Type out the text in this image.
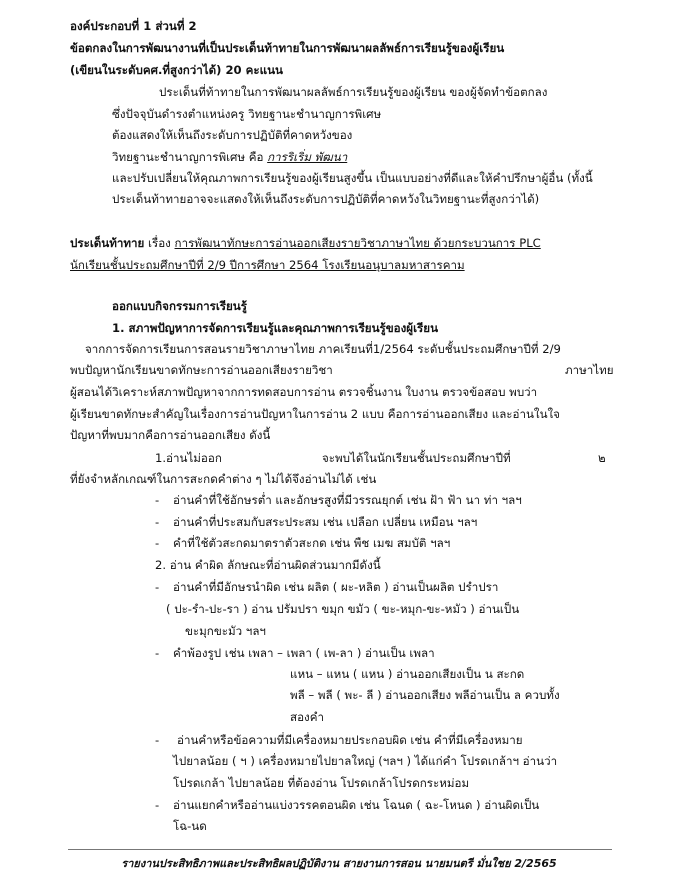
องค์ประกอบที่ 1 ส่วนที่ 2
ข้อตกลงในการพัฒนางานที่เป็นประเด็นท้าทายในการพัฒนาผลลัพธ์การเรียนรู้ของผู้เรียน
(เขียนในระดับคศ.ที่สูงกว่าได้) 20 คะแนน
ประเด็นที่ท้าทายในการพัฒนาผลลัพธ์การเรียนรู้ของผู้เรียน ของผู้จัดทำข้อตกลง
ซึ่งปัจจุบันดำรงตำแหน่งครู วิทยฐานะชำนาญการพิเศษ
ต้องแสดงให้เห็นถึงระดับการปฏิบัติที่คาดหวังของ
วิทยฐานะชำนาญการพิเศษ คือ การริเริ่ม พัฒนา
และปรับเปลี่ยนให้คุณภาพการเรียนรู้ของผู้เรียนสูงขึ้น เป็นแบบอย่างที่ดีและให้คำปรึกษาผู้อื่น (ทั้งนี้
ประเด็นท้าทายอาจจะแสดงให้เห็นถึงระดับการปฏิบัติที่คาดหวังในวิทยฐานะที่สูงกว่าได้)
ประเด็นท้าทาย เรื่อง การพัฒนาทักษะการอ่านออกเสียงรายวิชาภาษาไทย ด้วยกระบวนการ PLC
นักเรียนชั้นประถมศึกษาปีที่ 2/9 ปีการศึกษา 2564 โรงเรียนอนุบาลมหาสารคาม
ออกแบบกิจกรรมการเรียนรู้
1. สภาพปัญหาการจัดการเรียนรู้และคุณภาพการเรียนรู้ของผู้เรียน
จากการจัดการเรียนการสอนรายวิชาภาษาไทย ภาคเรียนที่1/2564 ระดับชั้นประถมศึกษาปีที่ 2/9
พบปัญหานักเรียนขาดทักษะการอ่านออกเสียงรายวิชา	ภาษาไทย
ผู้สอนได้วิเคราะห์สภาพปัญหาจากการทดสอบการอ่าน ตรวจชิ้นงาน ใบงาน ตรวจข้อสอบ พบว่า
ผู้เรียนขาดทักษะสำคัญในเรื่องการอ่านปัญหาในการอ่าน 2 แบบ คือการอ่านออกเสียง และอ่านในใจ
ปัญหาที่พบมากคือการอ่านออกเสียง ดังนี้
1.อ่านไม่ออก	จะพบได้ในนักเรียนชั้นประถมศึกษาปีที่	๒
ที่ยังจำหลักเกณฑ์ในการสะกดคำต่าง ๆ ไม่ได้จึงอ่านไม่ได้ เช่น
- อ่านคำที่ใช้อักษรต่ำ และอักษรสูงที่มีวรรณยุกต์ เช่น ฝ้า ฟ้า นา ท่า ฯลฯ
- อ่านคำที่ประสมกับสระประสม เช่น เปลือก เปลี่ยน เหมือน ฯลฯ
- คำที่ใช้ตัวสะกดมาตราตัวสะกด เช่น พืช เมฆ สมบัติ ฯลฯ
2. อ่าน คำผิด ลักษณะที่อ่านผิดส่วนมากมีดังนี้
- อ่านคำที่มีอักษรนำผิด เช่น ผลิต ( ผะ-หลิต ) อ่านเป็นผลิต ปรำปรา
( ปะ-รำ-ปะ-รา ) อ่าน ปรัมปรา ขมุก ขมัว ( ขะ-หมุก-ขะ-หมัว ) อ่านเป็น
ขะมุกขะมัว ฯลฯ
- คำพ้องรูป เช่น เพลา – เพลา ( เพ-ลา ) อ่านเป็น เพลา
แหน – แหน ( แหน ) อ่านออกเสียงเป็น น สะกด
พลี – พลี ( พะ- ลี ) อ่านออกเสียง พลีอ่านเป็น ล ควบทั้ง
สองคำ
- อ่านคำหรือข้อความที่มีเครื่องหมายประกอบผิด เช่น คำที่มีเครื่องหมาย
ไปยาลน้อย ( ฯ ) เครื่องหมายไปยาลใหญ่ (ฯลฯ ) ได้แก่คำ โปรดเกล้าฯ อ่านว่า
โปรดเกล้า ไปยาลน้อย ที่ต้องอ่าน โปรดเกล้าโปรดกระหม่อม
- อ่านแยกคำหรืออ่านแบ่งวรรคตอนผิด เช่น โฉนด ( ฉะ-โหนด ) อ่านผิดเป็น
โฉ-นด
รายงานประสิทธิภาพและประสิทธิผลปฏิบัติงาน สายงานการสอน นายมนตรี มั่นใชย 2/2565
